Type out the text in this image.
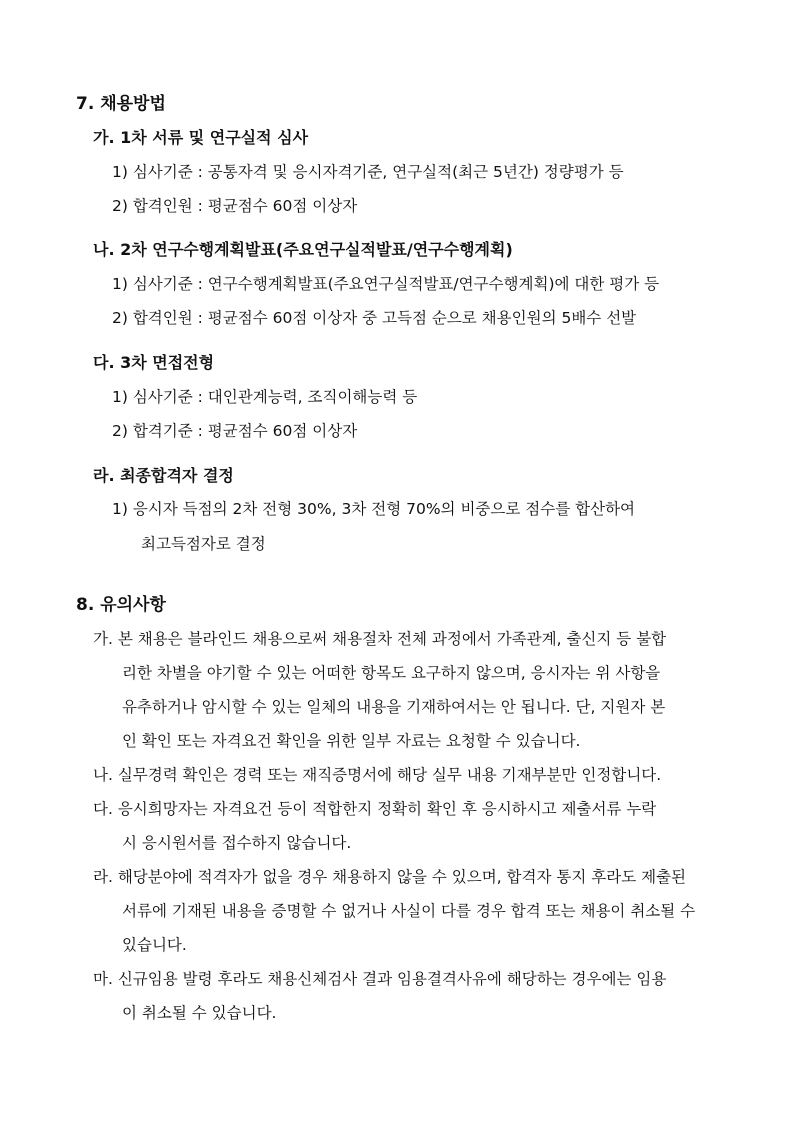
7. 채용방법
가. 1차 서류 및 연구실적 심사
1) 심사기준 : 공통자격 및 응시자격기준, 연구실적(최근 5년간) 정량평가 등
2) 합격인원 : 평균점수 60점 이상자
나. 2차 연구수행계획발표(주요연구실적발표/연구수행계획)
1) 심사기준 : 연구수행계획발표(주요연구실적발표/연구수행계획)에 대한 평가 등
2) 합격인원 : 평균점수 60점 이상자 중 고득점 순으로 채용인원의 5배수 선발
다. 3차 면접전형
1) 심사기준 : 대인관계능력, 조직이해능력 등
2) 합격기준 : 평균점수 60점 이상자
라. 최종합격자 결정
1) 응시자 득점의 2차 전형 30%, 3차 전형 70%의 비중으로 점수를 합산하여
최고득점자로 결정
8. 유의사항
가. 본 채용은 블라인드 채용으로써 채용절차 전체 과정에서 가족관계, 출신지 등 불합
리한 차별을 야기할 수 있는 어떠한 항목도 요구하지 않으며, 응시자는 위 사항을
유추하거나 암시할 수 있는 일체의 내용을 기재하여서는 안 됩니다. 단, 지원자 본
인 확인 또는 자격요건 확인을 위한 일부 자료는 요청할 수 있습니다.
나. 실무경력 확인은 경력 또는 재직증명서에 해당 실무 내용 기재부분만 인정합니다.
다. 응시희망자는 자격요건 등이 적합한지 정확히 확인 후 응시하시고 제출서류 누락
시 응시원서를 접수하지 않습니다.
라. 해당분야에 적격자가 없을 경우 채용하지 않을 수 있으며, 합격자 통지 후라도 제출된
서류에 기재된 내용을 증명할 수 없거나 사실이 다를 경우 합격 또는 채용이 취소될 수
있습니다.
마. 신규임용 발령 후라도 채용신체검사 결과 임용결격사유에 해당하는 경우에는 임용
이 취소될 수 있습니다.
